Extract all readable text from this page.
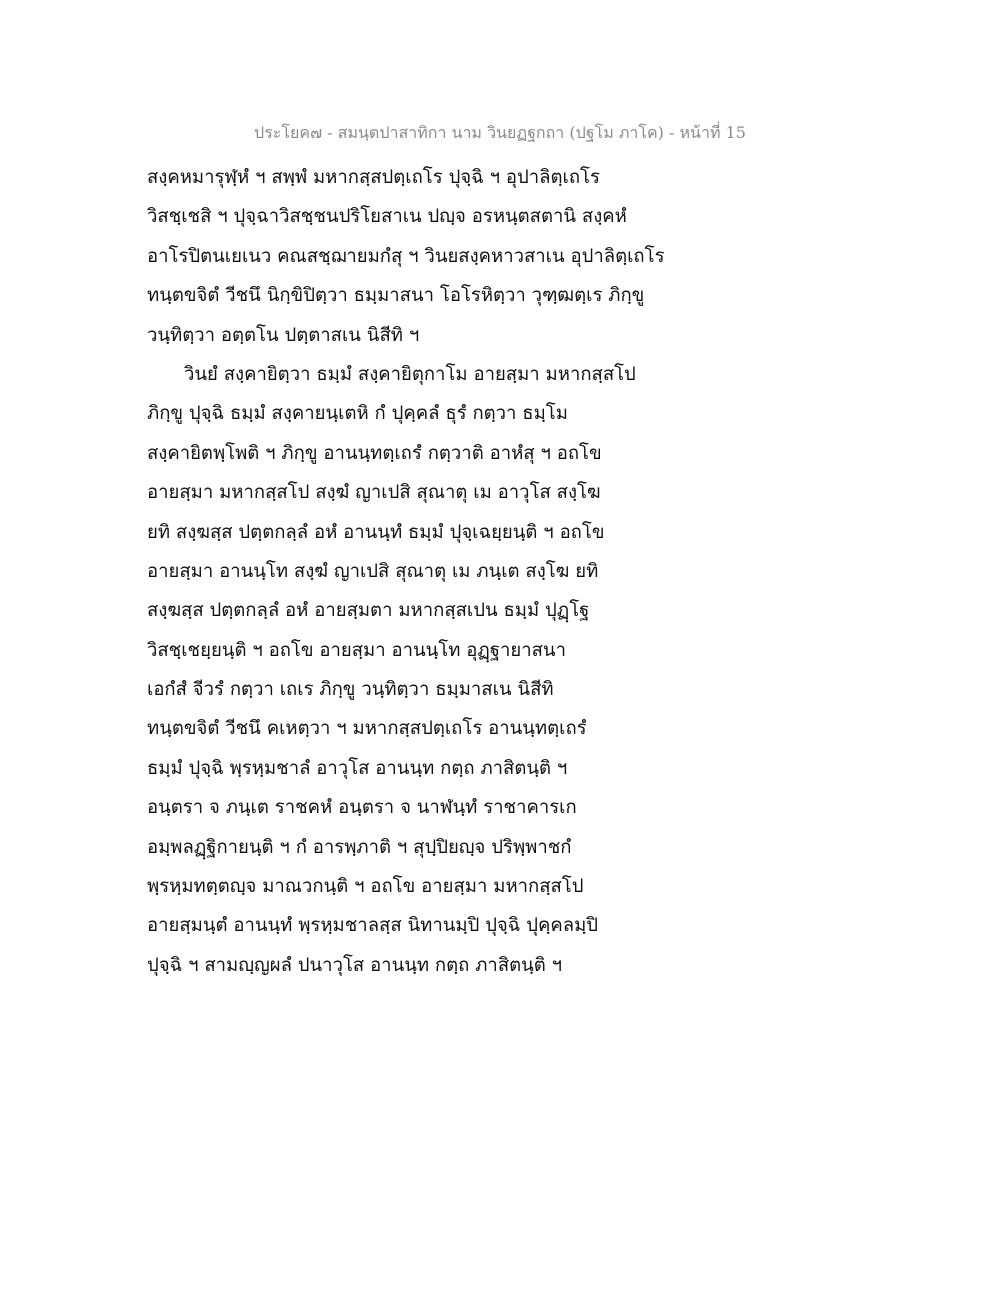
ประโยค๗ - สมนฺตปาสาทิกา นาม วินยฏฐกถา (ปฐโม ภาโค) - หน้าที่ 15
สงฺคหมารุฬฺหํ ฯ สพฺพํ มหากสฺสปตฺเถโร ปุจฺฉิ ฯ อุปาลิตฺเถโร
วิสชฺเชสิ ฯ ปุจฺฉาวิสชฺชนปริโยสาเน ปญฺจ อรหนฺตสตานิ สงฺคหํ
อาโรปิตนเยเนว คณสชฺฌายมกํสุ ฯ วินยสงฺคหาวสาเน อุปาลิตฺเถโร
ทนฺตขจิตํ วีชนึ นิกฺขิปิตฺวา ธมฺมาสนา โอโรหิตฺวา วุฑฺฒตฺเร ภิกฺขู
วนฺทิตฺวา อตฺตโน ปตฺตาสเน นิสีทิ ฯ
วินยํ สงฺคายิตฺวา ธมฺมํ สงฺคายิตุกาโม อายสฺมา มหากสฺสโป
ภิกฺขู ปุจฺฉิ ธมฺมํ สงฺคายนฺเตหิ กํ ปุคฺคลํ ธุรํ กตฺวา ธมฺโม
สงฺคายิตพฺโพติ ฯ ภิกฺขู อานนฺทตฺเถรํ กตฺวาติ อาหํสุ ฯ อถโข
อายสฺมา มหากสฺสโป สงฺฆํ ญาเปสิ สุณาตุ เม อาวุโส สงฺโฆ
ยทิ สงฺฆสฺส ปตฺตกลฺลํ อหํ อานนฺทํ ธมฺมํ ปุจฺเฉยฺยนฺติ ฯ อถโข
อายสฺมา อานนฺโท สงฺฆํ ญาเปสิ สุณาตุ เม ภนฺเต สงฺโฆ ยทิ
สงฺฆสฺส ปตฺตกลฺลํ อหํ อายสฺมตา มหากสฺสเปน ธมฺมํ ปุฏฺโฐ
วิสชฺเชยฺยนฺติ ฯ อถโข อายสฺมา อานนฺโท อุฏฺฐายาสนา
เอกํสํ จีวรํ กตฺวา เถเร ภิกฺขู วนฺทิตฺวา ธมฺมาสเน นิสีทิ
ทนฺตขจิตํ วีชนึ คเหตฺวา ฯ มหากสฺสปตฺเถโร อานนฺทตฺเถรํ
ธมฺมํ ปุจฺฉิ พฺรหฺมชาลํ อาวุโส อานนฺท กตฺถ ภาสิตนฺติ ฯ
อนฺตรา จ ภนฺเต ราชคหํ อนฺตรา จ นาฬนฺทํ ราชาคารเก
อมฺพลฏฺฐิกายนฺติ ฯ กํ อารพฺภาติ ฯ สุปฺปิยญฺจ ปริพฺพาชกํ
พฺรหฺมทตฺตญฺจ มาณวกนฺติ ฯ อถโข อายสฺมา มหากสฺสโป
อายสฺมนฺตํ อานนฺทํ พฺรหฺมชาลสฺส นิทานมฺปิ ปุจฺฉิ ปุคฺคลมฺปิ
ปุจฺฉิ ฯ สามญฺญผลํ ปนาวุโส อานนฺท กตฺถ ภาสิตนฺติ ฯ
